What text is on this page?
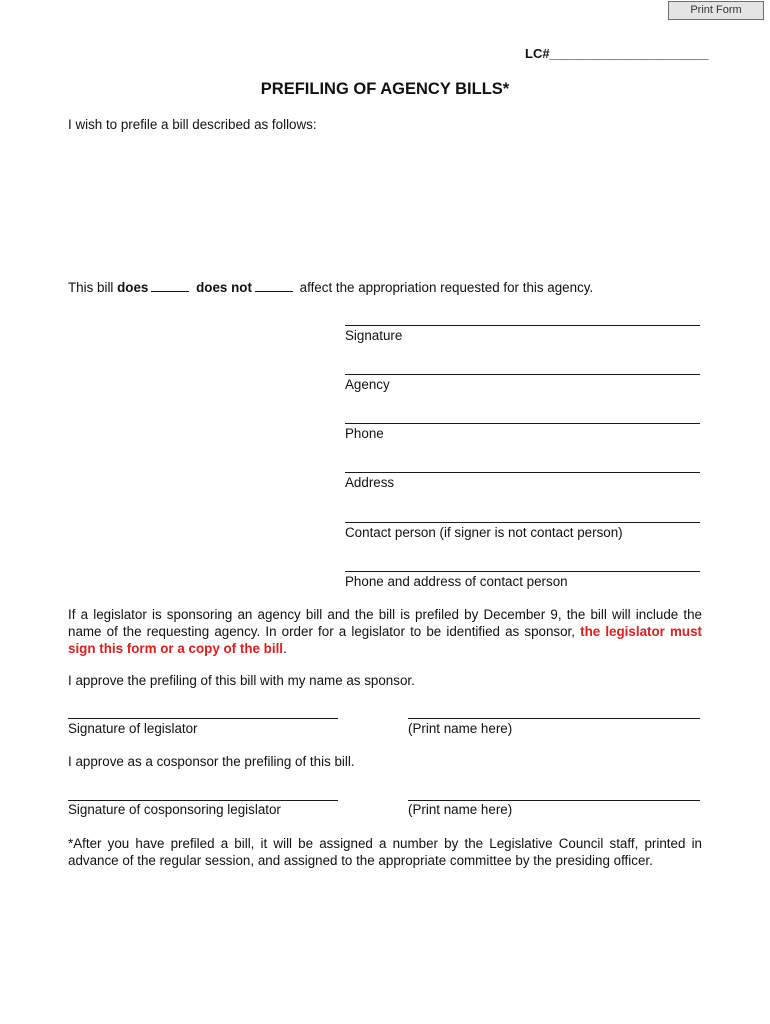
Print Form
LC#______________________
PREFILING OF AGENCY BILLS*
I wish to prefile a bill described as follows:
This bill does	does not	affect the appropriation requested for this agency.
Signature
Agency
Phone
Address
Contact person (if signer is not contact person)
Phone and address of contact person
If a legislator is sponsoring an agency bill and the bill is prefiled by December 9, the bill will include the name of the requesting agency. In order for a legislator to be identified as sponsor, the legislator must sign this form or a copy of the bill.
I approve the prefiling of this bill with my name as sponsor.
Signature of legislator	(Print name here)
I approve as a cosponsor the prefiling of this bill.
Signature of cosponsoring legislator	(Print name here)
*After you have prefiled a bill, it will be assigned a number by the Legislative Council staff, printed in advance of the regular session, and assigned to the appropriate committee by the presiding officer.
